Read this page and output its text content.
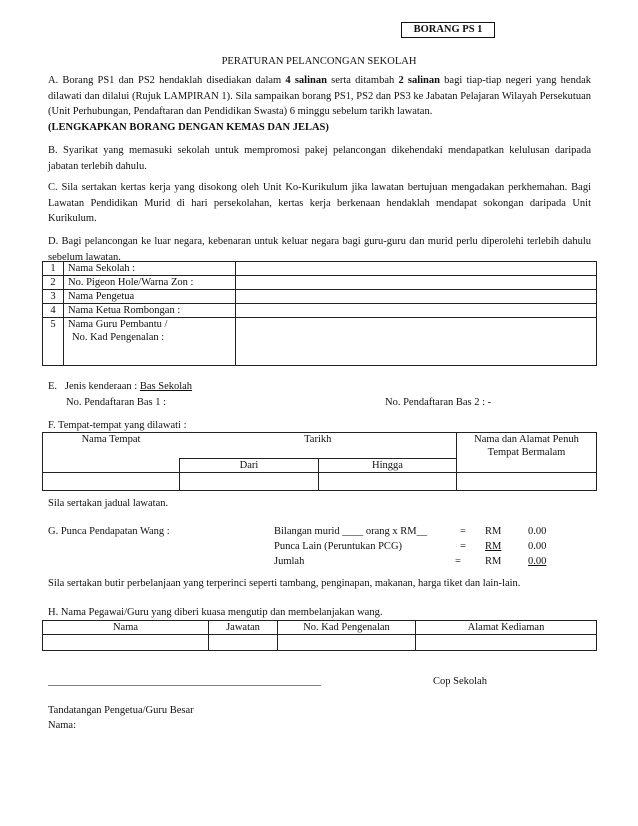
BORANG PS 1
PERATURAN PELANCONGAN SEKOLAH
A. Borang PS1 dan PS2 hendaklah disediakan dalam 4 salinan serta ditambah 2 salinan bagi tiap-tiap negeri yang hendak dilawati dan dilalui (Rujuk LAMPIRAN 1). Sila sampaikan borang PS1, PS2 dan PS3 ke Jabatan Pelajaran Wilayah Persekutuan (Unit Perhubungan, Pendaftaran dan Pendidikan Swasta) 6 minggu sebelum tarikh lawatan.
(LENGKAPKAN BORANG DENGAN KEMAS DAN JELAS)
B. Syarikat yang memasuki sekolah untuk mempromosi pakej pelancongan dikehendaki mendapatkan kelulusan daripada jabatan terlebih dahulu.
C. Sila sertakan kertas kerja yang disokong oleh Unit Ko-Kurikulum jika lawatan bertujuan mengadakan perkhemahan. Bagi Lawatan Pendidikan Murid di hari persekolahan, kertas kerja berkenaan hendaklah mendapat sokongan daripada Unit Kurikulum.
D. Bagi pelancongan ke luar negara, kebenaran untuk keluar negara bagi guru-guru dan murid perlu diperolehi terlebih dahulu sebelum lawatan.
1	Nama Sekolah :	
2	No. Pigeon Hole/Warna Zon :	
3	Nama Pengetua	
4	Nama Ketua Rombongan :	
5	Nama Guru Pembantu /
No. Kad Pengenalan :	

E.   Jenis kenderaan : Bas Sekolah
No. Pendaftaran Bas 1 :	No. Pendaftaran Bas 2 : -
F. Tempat-tempat yang dilawati :
Nama Tempat	Tarikh		Nama dan Alamat Penuh Tempat Bermalam
	Dari	Hingga	

Sila sertakan jadual lawatan.
G. Punca Pendapatan Wang :	Bilangan murid ____ orang x RM__	= RM	0.00
Punca Lain (Peruntukan PCG)	= RM	0.00
Jumlah	= RM	0.00
Sila sertakan butir perbelanjaan yang terperinci seperti tambang, penginapan, makanan, harga tiket dan lain-lain.
H. Nama Pegawai/Guru yang diberi kuasa mengutip dan membelanjakan wang.
Nama	Jawatan	No. Kad Pengenalan	Alamat Kediaman

______________________________________________________	Cop Sekolah
Tandatangan Pengetua/Guru Besar
Nama:
